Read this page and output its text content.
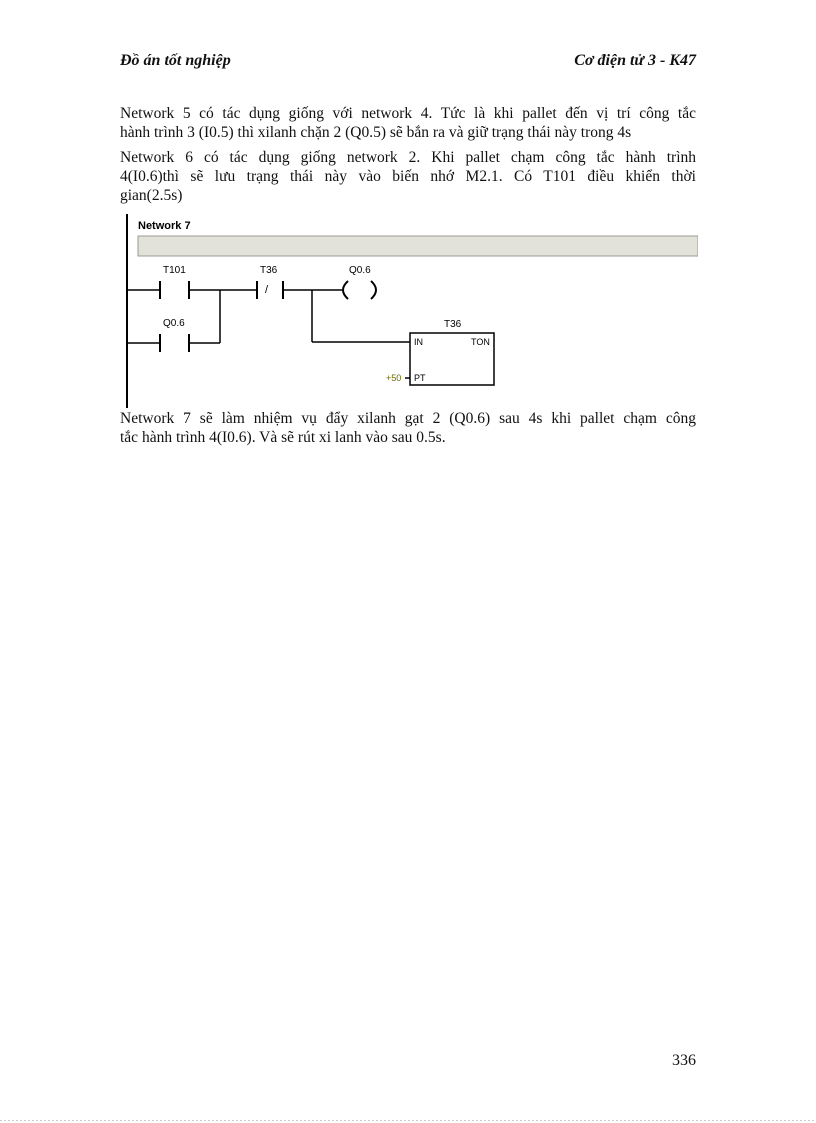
Đồ án tốt nghiệp	Cơ điện tử 3 - K47
Network 5 có tác dụng giống với network 4. Tức là khi pallet đến vị trí công tắc
hành trình 3 (I0.5) thì xilanh chặn 2 (Q0.5) sẽ bắn ra và giữ trạng thái này trong 4s
Network 6 có tác dụng giống network 2. Khi pallet chạm công tắc hành trình
4(I0.6)thì sẽ lưu trạng thái này vào biến nhớ M2.1. Có T101 điều khiển thời
gian(2.5s)
Network 7
T101	T36
/
Q0.6
Q0.6	T36
IN	TON
PT
+50
Network 7 sẽ làm nhiệm vụ đẩy xilanh gạt 2 (Q0.6) sau 4s khi pallet chạm công
tắc hành trình 4(I0.6). Và sẽ rút xi lanh vào sau 0.5s.
336
